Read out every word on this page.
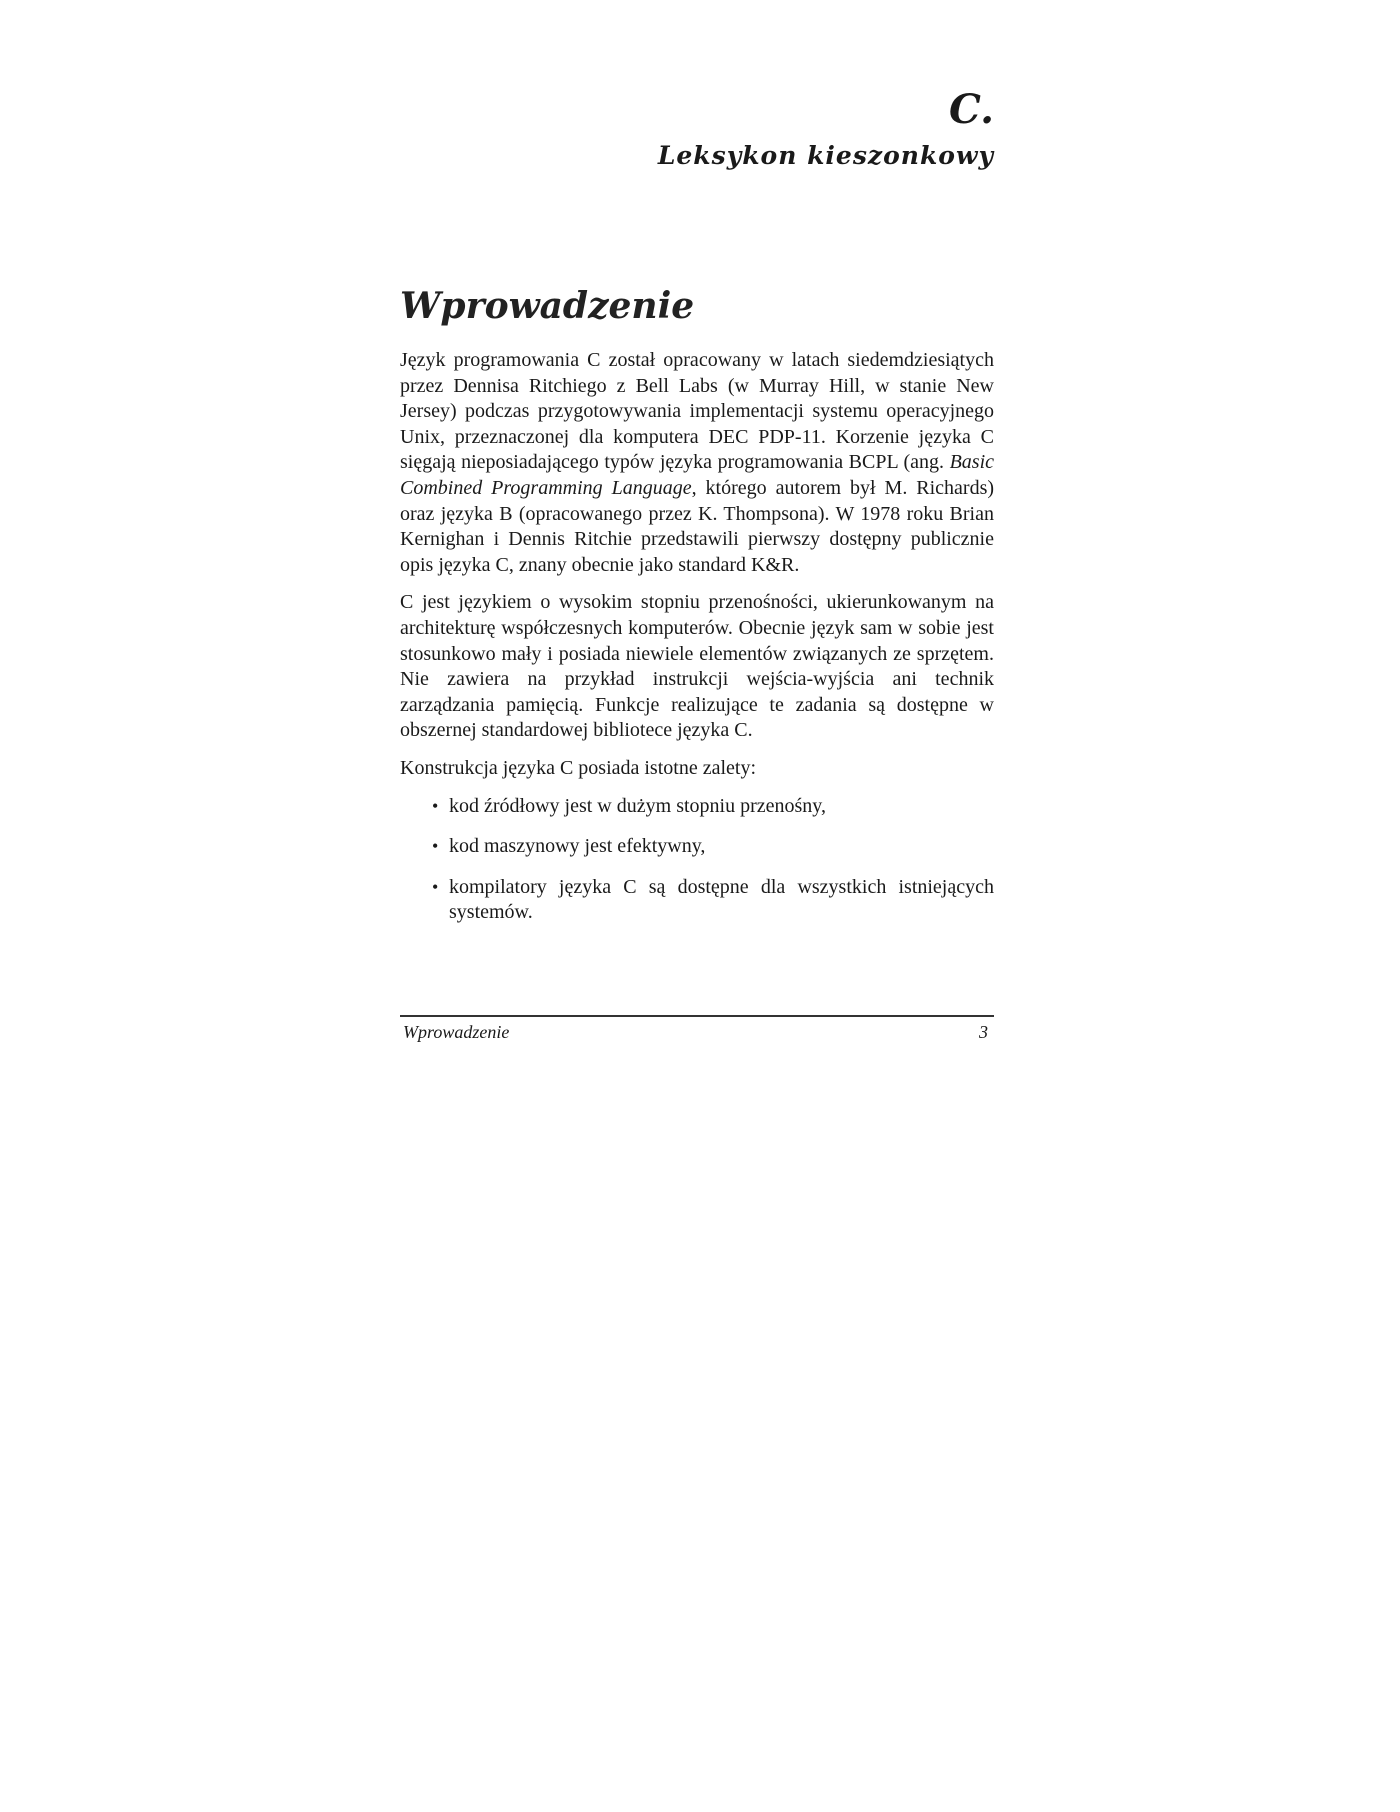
C.
Leksykon kieszonkowy
Wprowadzenie

Język programowania C został opracowany w latach siedemdziesiątych przez Dennisa Ritchiego z Bell Labs (w Murray Hill, w stanie New Jersey) podczas przygotowywania implementacji systemu operacyjnego Unix, przeznaczonej dla komputera DEC PDP-11. Korzenie języka C sięgają nieposiadającego typów języka programowania BCPL (ang. Basic Combined Programming Language, którego autorem był M. Richards) oraz języka B (opracowanego przez K. Thompsona). W 1978 roku Brian Kernighan i Dennis Ritchie przedstawili pierwszy dostępny publicznie opis języka C, znany obecnie jako standard K&R.

C jest językiem o wysokim stopniu przenośności, ukierunkowanym na architekturę współczesnych komputerów. Obecnie język sam w sobie jest stosunkowo mały i posiada niewiele elementów związanych ze sprzętem. Nie zawiera na przykład instrukcji wejścia-wyjścia ani technik zarządzania pamięcią. Funkcje realizujące te zadania są dostępne w obszernej standardowej bibliotece języka C.

Konstrukcja języka C posiada istotne zalety:

• kod źródłowy jest w dużym stopniu przenośny,
• kod maszynowy jest efektywny,
• kompilatory języka C są dostępne dla wszystkich istniejących systemów.
Wprowadzenie	3
